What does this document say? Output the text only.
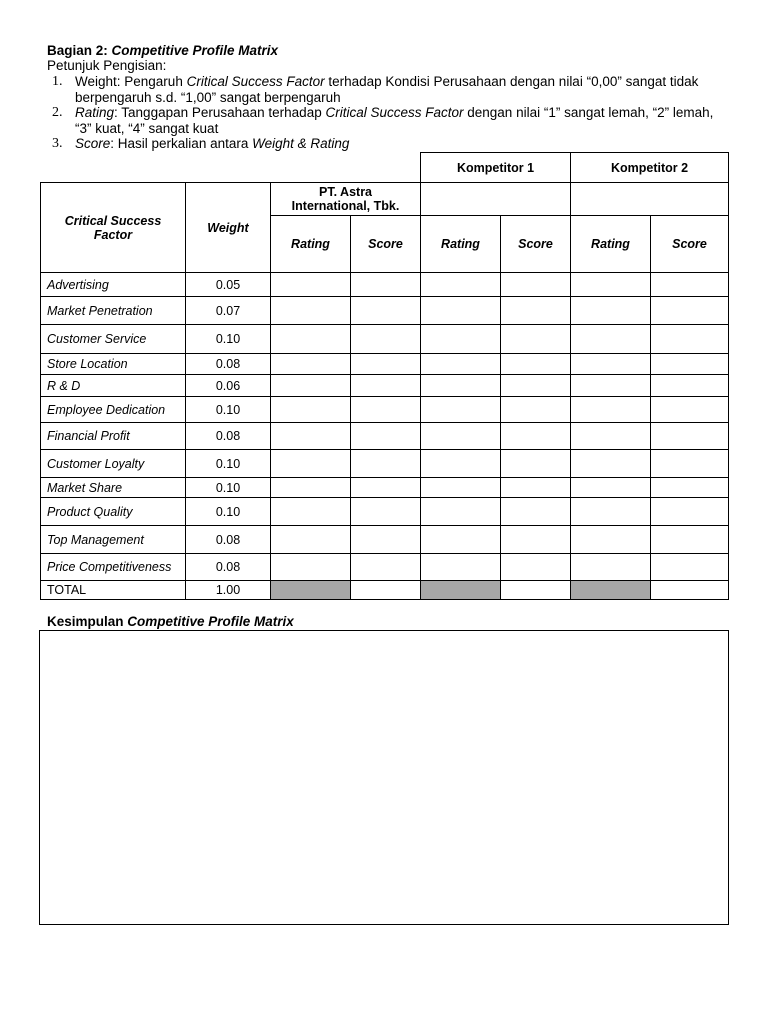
Bagian 2: Competitive Profile Matrix
Petunjuk Pengisian:
1. Weight: Pengaruh Critical Success Factor terhadap Kondisi Perusahaan dengan nilai “0,00” sangat tidak berpengaruh s.d. “1,00” sangat berpengaruh
2. Rating: Tanggapan Perusahaan terhadap Critical Success Factor dengan nilai “1” sangat lemah, “2” lemah, “3” kuat, “4” sangat kuat
3. Score: Hasil perkalian antara Weight & Rating
Kompetitor 1	Kompetitor 2
Critical Success Factor	Weight
PT. Astra International, Tbk.
Rating	Score	Rating	Score	Rating	Score
Advertising	0.05						
Market Penetration	0.07						
Customer Service	0.10						
Store Location	0.08						
R & D	0.06						
Employee Dedication	0.10						
Financial Profit	0.08						
Customer Loyalty	0.10						
Market Share	0.10						
Product Quality	0.10						
Top Management	0.08						
Price Competitiveness	0.08						
TOTAL	1.00						
Kesimpulan Competitive Profile Matrix
